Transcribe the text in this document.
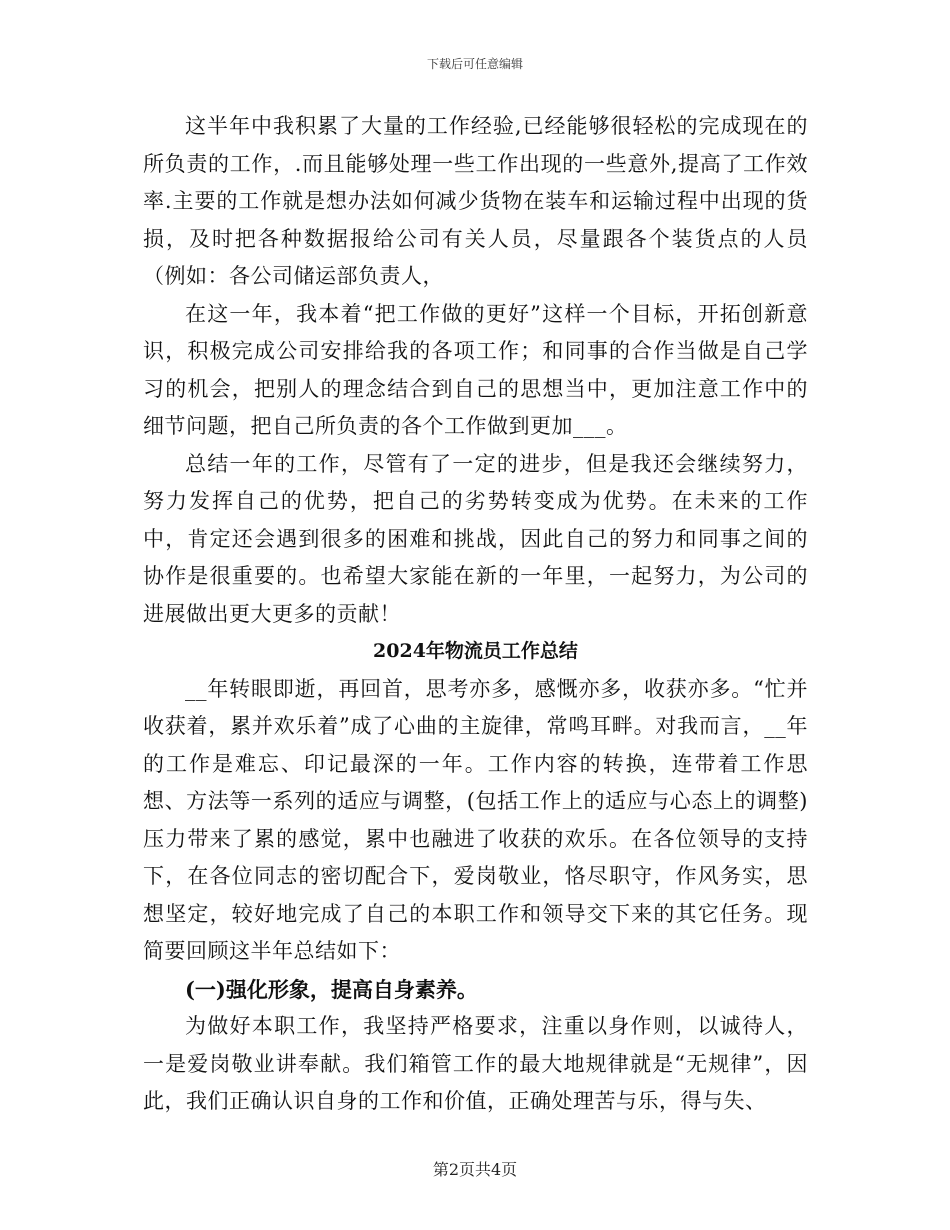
下载后可任意编辑

这半年中我积累了大量的工作经验,已经能够很轻松的完成现在的所负责的工作，.而且能够处理一些工作出现的一些意外,提高了工作效率.主要的工作就是想办法如何减少货物在装车和运输过程中出现的货损，及时把各种数据报给公司有关人员，尽量跟各个装货点的人员（例如：各公司储运部负责人，

在这一年，我本着“把工作做的更好”这样一个目标，开拓创新意识，积极完成公司安排给我的各项工作；和同事的合作当做是自己学习的机会，把别人的理念结合到自己的思想当中，更加注意工作中的细节问题，把自己所负责的各个工作做到更加___。

总结一年的工作，尽管有了一定的进步，但是我还会继续努力，努力发挥自己的优势，把自己的劣势转变成为优势。在未来的工作中，肯定还会遇到很多的困难和挑战，因此自己的努力和同事之间的协作是很重要的。也希望大家能在新的一年里，一起努力，为公司的进展做出更大更多的贡献！

2024年物流员工作总结

__年转眼即逝，再回首，思考亦多，感慨亦多，收获亦多。“忙并收获着，累并欢乐着”成了心曲的主旋律，常鸣耳畔。对我而言，__年的工作是难忘、印记最深的一年。工作内容的转换，连带着工作思想、方法等一系列的适应与调整，(包括工作上的适应与心态上的调整)压力带来了累的感觉，累中也融进了收获的欢乐。在各位领导的支持下，在各位同志的密切配合下，爱岗敬业，恪尽职守，作风务实，思想坚定，较好地完成了自己的本职工作和领导交下来的其它任务。现简要回顾这半年总结如下：

(一)强化形象，提高自身素养。

为做好本职工作，我坚持严格要求，注重以身作则，以诚待人，一是爱岗敬业讲奉献。我们箱管工作的最大地规律就是“无规律”，因此，我们正确认识自身的工作和价值，正确处理苦与乐，得与失、

第2页共4页
